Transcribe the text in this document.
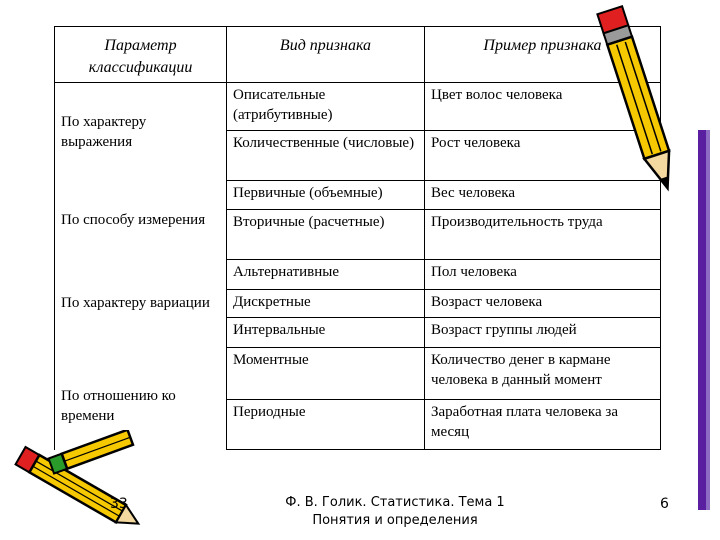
Параметр классификации	Вид признака	Пример признака
По характеру выражения	Описательные (атрибутивные)	Цвет волос человека
	Количественные (числовые)	Рост человека
По способу измерения	Первичные (объемные)	Вес человека
	Вторичные (расчетные)	Производительность труда
По характеру вариации	Альтернативные	Пол человека
	Дискретные	Возраст человека
	Интервальные	Возраст группы людей
По отношению ко времени	Моментные	Количество денег в кармане человека в данный момент
	Периодные	Заработная плата человека за месяц
33	Ф. В. Голик. Статистика. Тема 1
Понятия и определения
6
